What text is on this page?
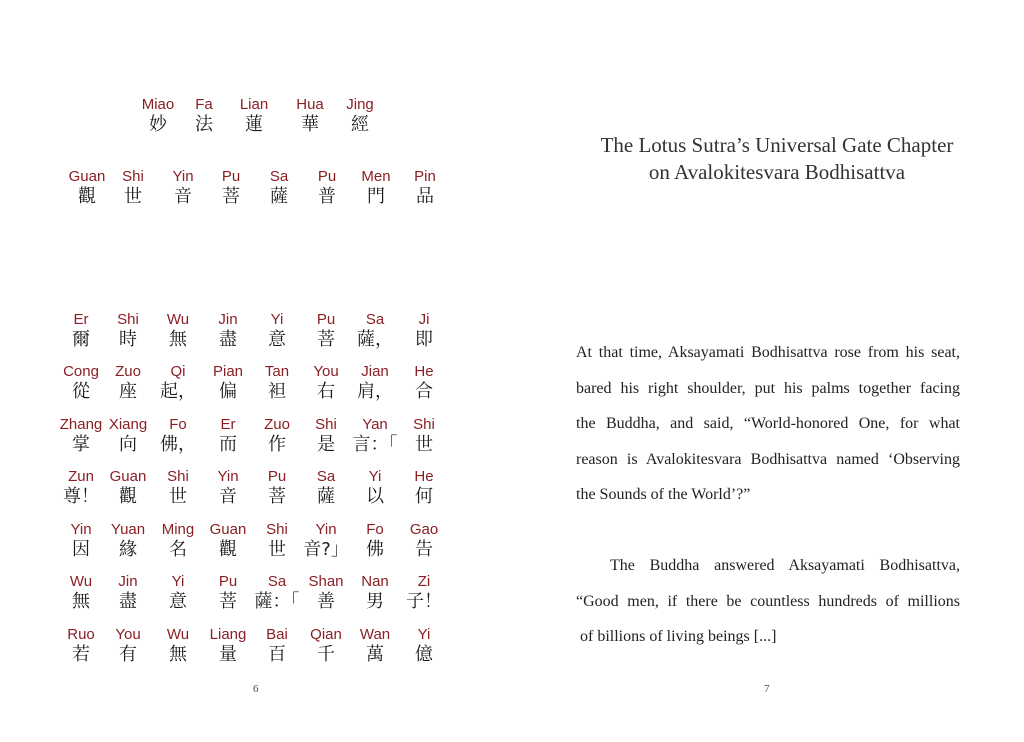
Miao
妙
Fa
法
Lian
蓮
Hua
華
Jing
經
Guan
觀
Shi
世
Yin
音
Pu
菩
Sa
薩
Pu
普
Men
門
Pin
品
Er
爾
Shi
時
Wu
無
Jin
盡
Yi
意
Pu
菩
Sa
薩，
Ji
即
Cong
從
Zuo
座
Qi
起，
Pian
偏
Tan
袒
You
右
Jian
肩，
He
合
Zhang
掌
Xiang
向
Fo
佛，
Er
而
Zuo
作
Shi
是
Yan
言：「
Shi
世
Zun
尊！
Guan
觀
Shi
世
Yin
音
Pu
菩
Sa
薩
Yi
以
He
何
Yin
因
Yuan
緣
Ming
名
Guan
觀
Shi
世
Yin
音?」
Fo
佛
Gao
告
Wu
無
Jin
盡
Yi
意
Pu
菩
Sa
薩：「
Shan
善
Nan
男
Zi
子！
Ruo
若
You
有
Wu
無
Liang
量
Bai
百
Qian
千
Wan
萬
Yi
億
6
The Lotus Sutra’s Universal Gate Chapter
on Avalokitesvara Bodhisattva
At that time, Aksayamati Bodhisattva rose from his seat,
bared his right shoulder, put his palms together facing
the Buddha, and said, “World-honored One, for what
reason is Avalokitesvara Bodhisattva named ‘Observing
the Sounds of the World’?”
The Buddha answered Aksayamati Bodhisattva,
“Good men, if there be countless hundreds of millions
of billions of living beings [...]
7
